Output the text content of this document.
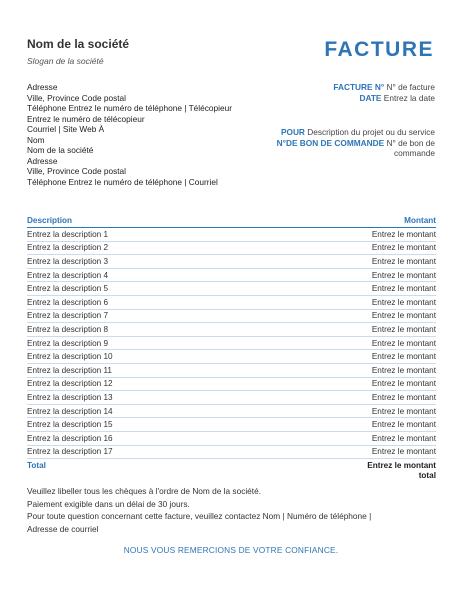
Nom de la société
Slogan de la société	FACTURE
Adresse
Ville, Province Code postal
Téléphone Entrez le numéro de téléphone | Télécopieur
Entrez le numéro de télécopieur
Courriel | Site Web À
Nom
Nom de la société
Adresse
Ville, Province Code postal
Téléphone Entrez le numéro de téléphone | Courriel
FACTURE N° N° de facture
DATE Entrez la date
POUR Description du projet ou du service
N°DE BON DE COMMANDE N° de bon de
commande
Description	Montant
Entrez la description 1	Entrez le montant
Entrez la description 2	Entrez le montant
Entrez la description 3	Entrez le montant
Entrez la description 4	Entrez le montant
Entrez la description 5	Entrez le montant
Entrez la description 6	Entrez le montant
Entrez la description 7	Entrez le montant
Entrez la description 8	Entrez le montant
Entrez la description 9	Entrez le montant
Entrez la description 10	Entrez le montant
Entrez la description 11	Entrez le montant
Entrez la description 12	Entrez le montant
Entrez la description 13	Entrez le montant
Entrez la description 14	Entrez le montant
Entrez la description 15	Entrez le montant
Entrez la description 16	Entrez le montant
Entrez la description 17	Entrez le montant
Total	Entrez le montant total
Veuillez libeller tous les chèques à l'ordre de Nom de la société.
Paiement exigible dans un délai de 30 jours.
Pour toute question concernant cette facture, veuillez contactez Nom | Numéro de téléphone |
Adresse de courriel
NOUS VOUS REMERCIONS DE VOTRE CONFIANCE.
